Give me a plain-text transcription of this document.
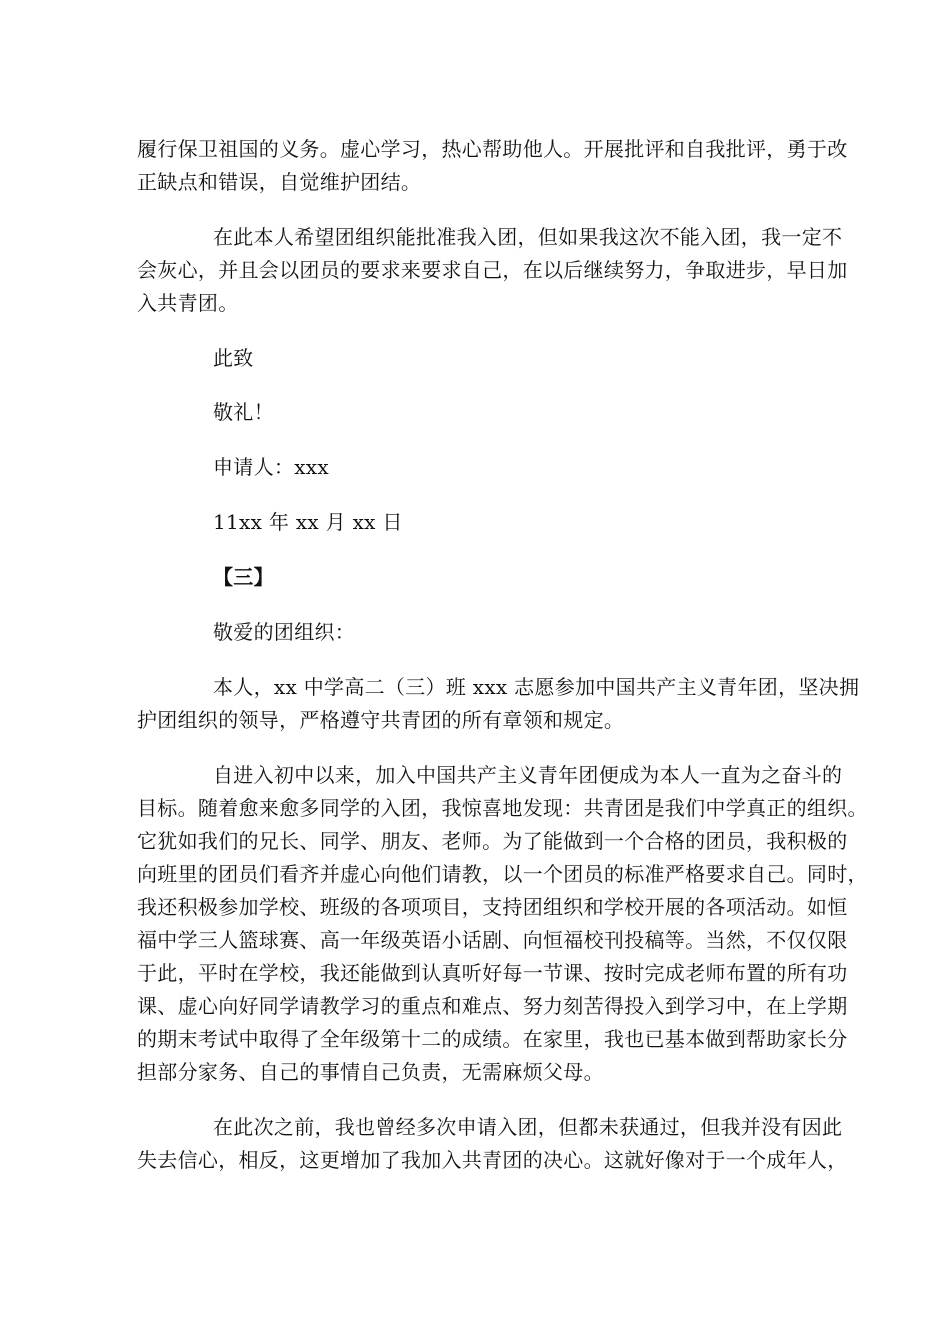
履行保卫祖国的义务。虚心学习，热心帮助他人。开展批评和自我批评，勇于改
正缺点和错误，自觉维护团结。
在此本人希望团组织能批准我入团，但如果我这次不能入团，我一定不
会灰心，并且会以团员的要求来要求自己，在以后继续努力，争取进步，早日加
入共青团。
此致
敬礼！
申请人：xxx
11xx 年 xx 月 xx 日
【三】
敬爱的团组织：
本人，xx 中学高二（三）班 xxx 志愿参加中国共产主义青年团，坚决拥
护团组织的领导，严格遵守共青团的所有章领和规定。
自进入初中以来，加入中国共产主义青年团便成为本人一直为之奋斗的
目标。随着愈来愈多同学的入团，我惊喜地发现：共青团是我们中学真正的组织。
它犹如我们的兄长、同学、朋友、老师。为了能做到一个合格的团员，我积极的
向班里的团员们看齐并虚心向他们请教，以一个团员的标准严格要求自己。同时，
我还积极参加学校、班级的各项项目，支持团组织和学校开展的各项活动。如恒
福中学三人篮球赛、高一年级英语小话剧、向恒福校刊投稿等。当然，不仅仅限
于此，平时在学校，我还能做到认真听好每一节课、按时完成老师布置的所有功
课、虚心向好同学请教学习的重点和难点、努力刻苦得投入到学习中，在上学期
的期末考试中取得了全年级第十二的成绩。在家里，我也已基本做到帮助家长分
担部分家务、自己的事情自己负责，无需麻烦父母。
在此次之前，我也曾经多次申请入团，但都未获通过，但我并没有因此
失去信心，相反，这更增加了我加入共青团的决心。这就好像对于一个成年人，
